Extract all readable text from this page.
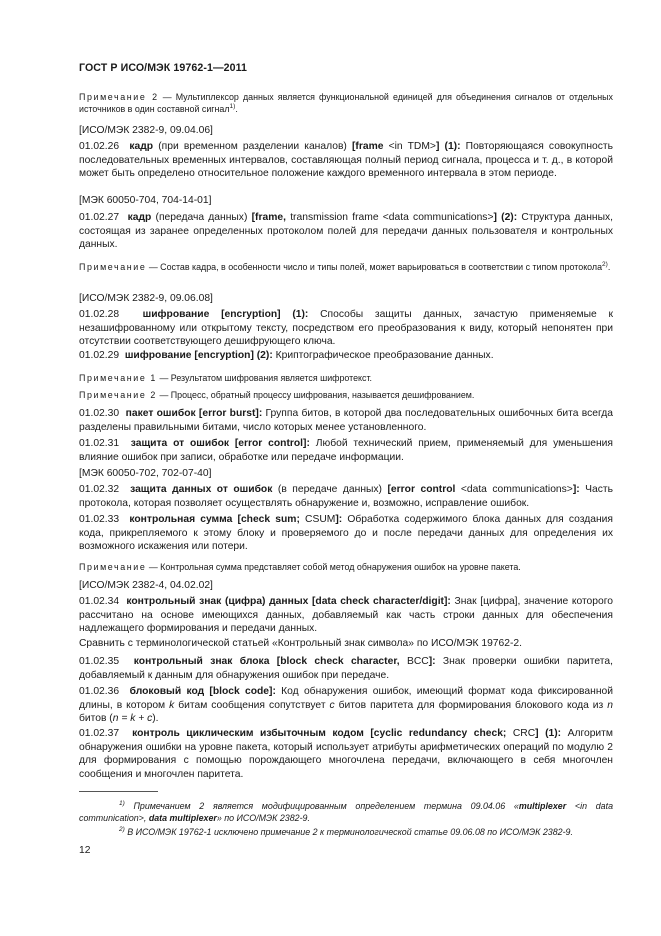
ГОСТ Р ИСО/МЭК 19762-1—2011
Примечание 2 — Мультиплексор данных является функциональной единицей для объединения сигналов от отдельных источников в один составной сигнал$^{1)}$.
[ИСО/МЭК 2382-9, 09.04.06]
01.02.26 кадр (при временном разделении каналов) [frame <in TDM>] (1): Повторяющаяся совокупность последовательных временных интервалов, составляющая полный период сигнала, процесса и т. д., в которой может быть определено относительное положение каждого временного интервала в этом периоде.
[МЭК 60050-704, 704-14-01]
01.02.27 кадр (передача данных) [frame, transmission frame <data communications>] (2): Структура данных, состоящая из заранее определенных протоколом полей для передачи данных пользователя и контрольных данных.
Примечание — Состав кадра, в особенности число и типы полей, может варьироваться в соответствии с типом протокола$^{2)}$.
[ИСО/МЭК 2382-9, 09.06.08]
01.02.28 шифрование [encryption] (1): Способы защиты данных, зачастую применяемые к незашифрованному или открытому тексту, посредством его преобразования к виду, который непонятен при отсутствии соответствующего дешифрующего ключа.
01.02.29 шифрование [encryption] (2): Криптографическое преобразование данных.
Примечание 1 — Результатом шифрования является шифротекст.
Примечание 2 — Процесс, обратный процессу шифрования, называется дешифрованием.
01.02.30 пакет ошибок [error burst]: Группа битов, в которой два последовательных ошибочных бита всегда разделены правильными битами, число которых менее установленного.
01.02.31 защита от ошибок [error control]: Любой технический прием, применяемый для уменьшения влияние ошибок при записи, обработке или передаче информации.
[МЭК 60050-702, 702-07-40]
01.02.32 защита данных от ошибок (в передаче данных) [error control <data communications>]: Часть протокола, которая позволяет осуществлять обнаружение и, возможно, исправление ошибок.
01.02.33 контрольная сумма [check sum; CSUM]: Обработка содержимого блока данных для создания кода, прикрепляемого к этому блоку и проверяемого до и после передачи данных для определения их возможного искажения или потери.
Примечание — Контрольная сумма представляет собой метод обнаружения ошибок на уровне пакета.
[ИСО/МЭК 2382-4, 04.02.02]
01.02.34 контрольный знак (цифра) данных [data check character/digit]: Знак [цифра], значение которого рассчитано на основе имеющихся данных, добавляемый как часть строки данных для обеспечения надлежащего формирования и передачи данных.
Сравнить с терминологической статьей «Контрольный знак символа» по ИСО/МЭК 19762-2.
01.02.35 контрольный знак блока [block check character, BCC]: Знак проверки ошибки паритета, добавляемый к данным для обнаружения ошибок при передаче.
01.02.36 блоковый код [block code]: Код обнаружения ошибок, имеющий формат кода фиксированной длины, в котором k битам сообщения сопутствует c битов паритета для формирования блокового кода из n битов (n = k + c).
01.02.37 контроль циклическим избыточным кодом [cyclic redundancy check; CRC] (1): Алгоритм обнаружения ошибки на уровне пакета, который использует атрибуты арифметических операций по модулю 2 для формирования с помощью порождающего многочлена передачи, включающего в себя многочлен сообщения и многочлен паритета.
$^{1)}$ Примечанием 2 является модифицированным определением термина 09.04.06 «multiplexer <in data communication>, data multiplexer» по ИСО/МЭК 2382-9.
$^{2)}$ В ИСО/МЭК 19762-1 исключено примечание 2 к терминологической статье 09.06.08 по ИСО/МЭК 2382-9.
12
